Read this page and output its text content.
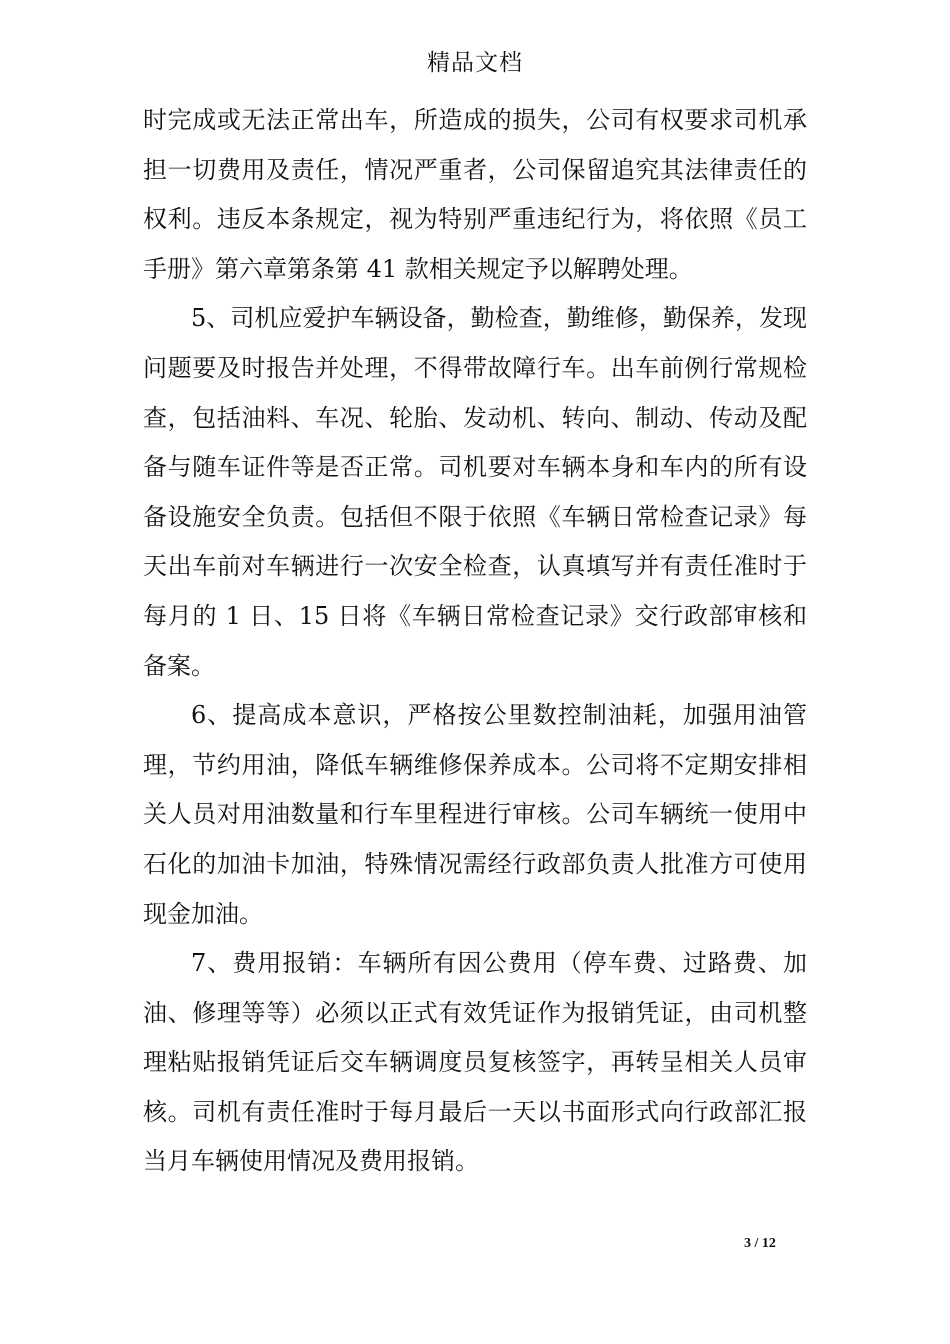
精品文档

时完成或无法正常出车，所造成的损失，公司有权要求司机承担一切费用及责任，情况严重者，公司保留追究其法律责任的权利。违反本条规定，视为特别严重违纪行为，将依照《员工手册》第六章第条第 41 款相关规定予以解聘处理。

5、司机应爱护车辆设备，勤检查，勤维修，勤保养，发现问题要及时报告并处理，不得带故障行车。出车前例行常规检查，包括油料、车况、轮胎、发动机、转向、制动、传动及配备与随车证件等是否正常。司机要对车辆本身和车内的所有设备设施安全负责。包括但不限于依照《车辆日常检查记录》每天出车前对车辆进行一次安全检查，认真填写并有责任准时于每月的 1 日、15 日将《车辆日常检查记录》交行政部审核和备案。

6、提高成本意识，严格按公里数控制油耗，加强用油管理，节约用油，降低车辆维修保养成本。公司将不定期安排相关人员对用油数量和行车里程进行审核。公司车辆统一使用中石化的加油卡加油，特殊情况需经行政部负责人批准方可使用现金加油。

7、费用报销：车辆所有因公费用（停车费、过路费、加油、修理等等）必须以正式有效凭证作为报销凭证，由司机整理粘贴报销凭证后交车辆调度员复核签字，再转呈相关人员审核。司机有责任准时于每月最后一天以书面形式向行政部汇报当月车辆使用情况及费用报销。

3 / 12
